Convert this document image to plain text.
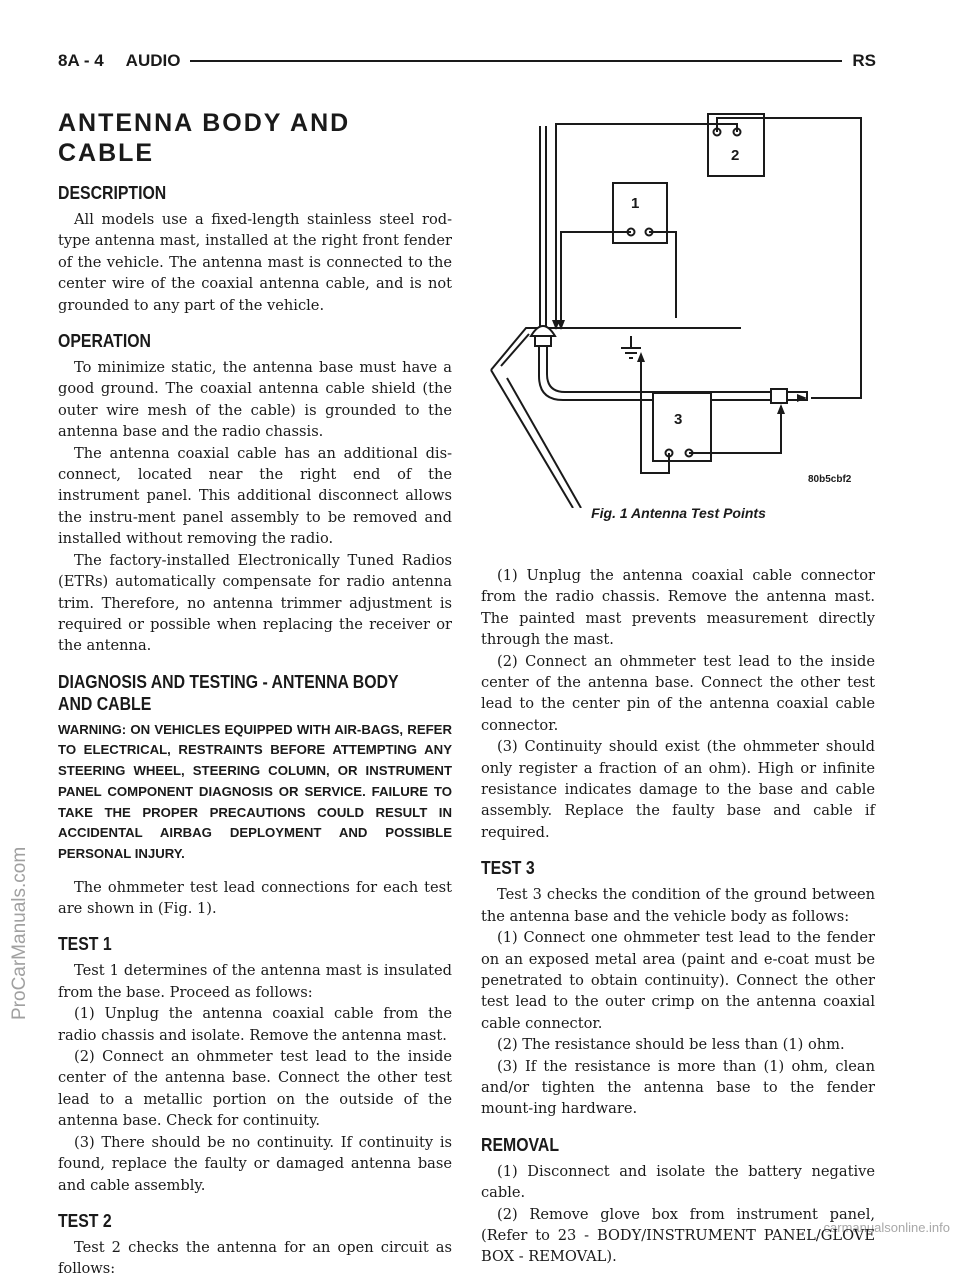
8A - 4 AUDIO	RS
ProCarManuals.com
carmanualsonline.info
ANTENNA BODY AND CABLE
DESCRIPTION

All models use a fixed-length stainless steel rod-type antenna mast, installed at the right front fender of the vehicle. The antenna mast is connected to the center wire of the coaxial antenna cable, and is not grounded to any part of the vehicle.

OPERATION

To minimize static, the antenna base must have a good ground. The coaxial antenna cable shield (the outer wire mesh of the cable) is grounded to the antenna base and the radio chassis.

The antenna coaxial cable has an additional dis-connect, located near the right end of the instrument panel. This additional disconnect allows the instru-ment panel assembly to be removed and installed without removing the radio.

The factory-installed Electronically Tuned Radios (ETRs) automatically compensate for radio antenna trim. Therefore, no antenna trimmer adjustment is required or possible when replacing the receiver or the antenna.

DIAGNOSIS AND TESTING - ANTENNA BODY AND CABLE

WARNING: ON VEHICLES EQUIPPED WITH AIR-BAGS, REFER TO ELECTRICAL, RESTRAINTS BEFORE ATTEMPTING ANY STEERING WHEEL, STEERING COLUMN, OR INSTRUMENT PANEL COMPONENT DIAGNOSIS OR SERVICE. FAILURE TO TAKE THE PROPER PRECAUTIONS COULD RESULT IN ACCIDENTAL AIRBAG DEPLOYMENT AND POSSIBLE PERSONAL INJURY.

The ohmmeter test lead connections for each test are shown in (Fig. 1).

TEST 1

Test 1 determines of the antenna mast is insulated from the base. Proceed as follows:

(1) Unplug the antenna coaxial cable from the radio chassis and isolate. Remove the antenna mast.

(2) Connect an ohmmeter test lead to the inside center of the antenna base. Connect the other test lead to a metallic portion on the outside of the antenna base. Check for continuity.

(3) There should be no continuity. If continuity is found, replace the faulty or damaged antenna base and cable assembly.

TEST 2

Test 2 checks the antenna for an open circuit as follows:

1
2
3
80b5cbf2
Fig. 1 Antenna Test Points

(1) Unplug the antenna coaxial cable connector from the radio chassis. Remove the antenna mast. The painted mast prevents measurement directly through the mast.

(2) Connect an ohmmeter test lead to the inside center of the antenna base. Connect the other test lead to the center pin of the antenna coaxial cable connector.

(3) Continuity should exist (the ohmmeter should only register a fraction of an ohm). High or infinite resistance indicates damage to the base and cable assembly. Replace the faulty base and cable if required.

TEST 3

Test 3 checks the condition of the ground between the antenna base and the vehicle body as follows:

(1) Connect one ohmmeter test lead to the fender on an exposed metal area (paint and e-coat must be penetrated to obtain continuity). Connect the other test lead to the outer crimp on the antenna coaxial cable connector.

(2) The resistance should be less than (1) ohm.

(3) If the resistance is more than (1) ohm, clean and/or tighten the antenna base to the fender mount-ing hardware.

REMOVAL

(1) Disconnect and isolate the battery negative cable.

(2) Remove glove box from instrument panel, (Refer to 23 - BODY/INSTRUMENT PANEL/GLOVE BOX - REMOVAL).
